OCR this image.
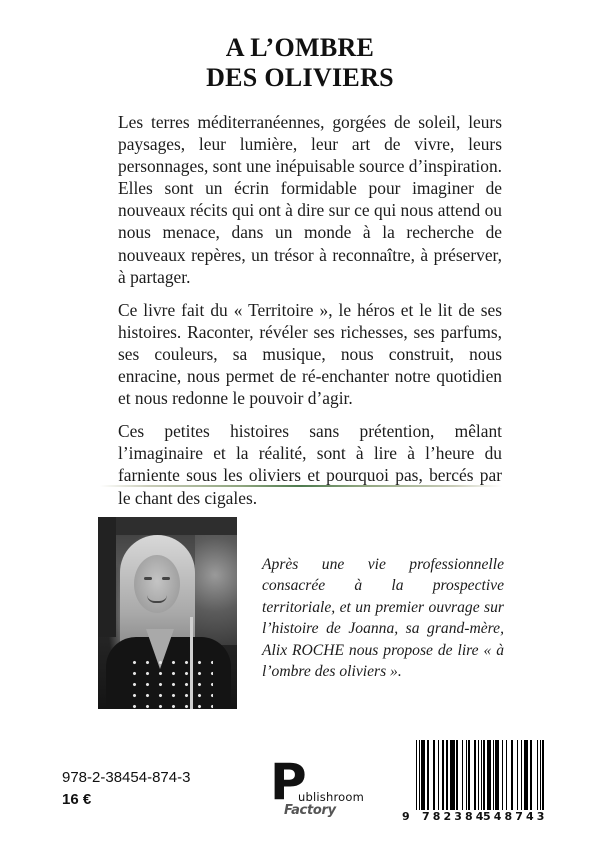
A L’OMBRE
DES OLIVIERS

Les terres méditerranéennes, gorgées de soleil, leurs paysages, leur lumière, leur art de vivre, leurs personnages, sont une inépuisable source d’inspiration. Elles sont un écrin formidable pour imaginer de nouveaux récits qui ont à dire sur ce qui nous attend ou nous menace, dans un monde à la recherche de nouveaux repères, un trésor à reconnaître, à préserver, à partager.

Ce livre fait du « Territoire », le héros et le lit de ses histoires. Raconter, révéler ses richesses, ses parfums, ses couleurs, sa musique, nous construit, nous enracine, nous permet de ré-enchanter notre quotidien et nous redonne le pouvoir d’agir.

Ces petites histoires sans prétention, mêlant l’imaginaire et la réalité, sont à lire à l’heure du farniente sous les oliviers et pourquoi pas, bercés par le chant des cigales.

Après une vie professionnelle consacrée à la prospective territoriale, et un premier ouvrage sur l’histoire de Joanna, sa grand-mère, Alix ROCHE nous propose de lire « à l’ombre des oliviers ».
978-2-38454-874-3
16 €	P
ublishroom
Factory	9 782384
548743
